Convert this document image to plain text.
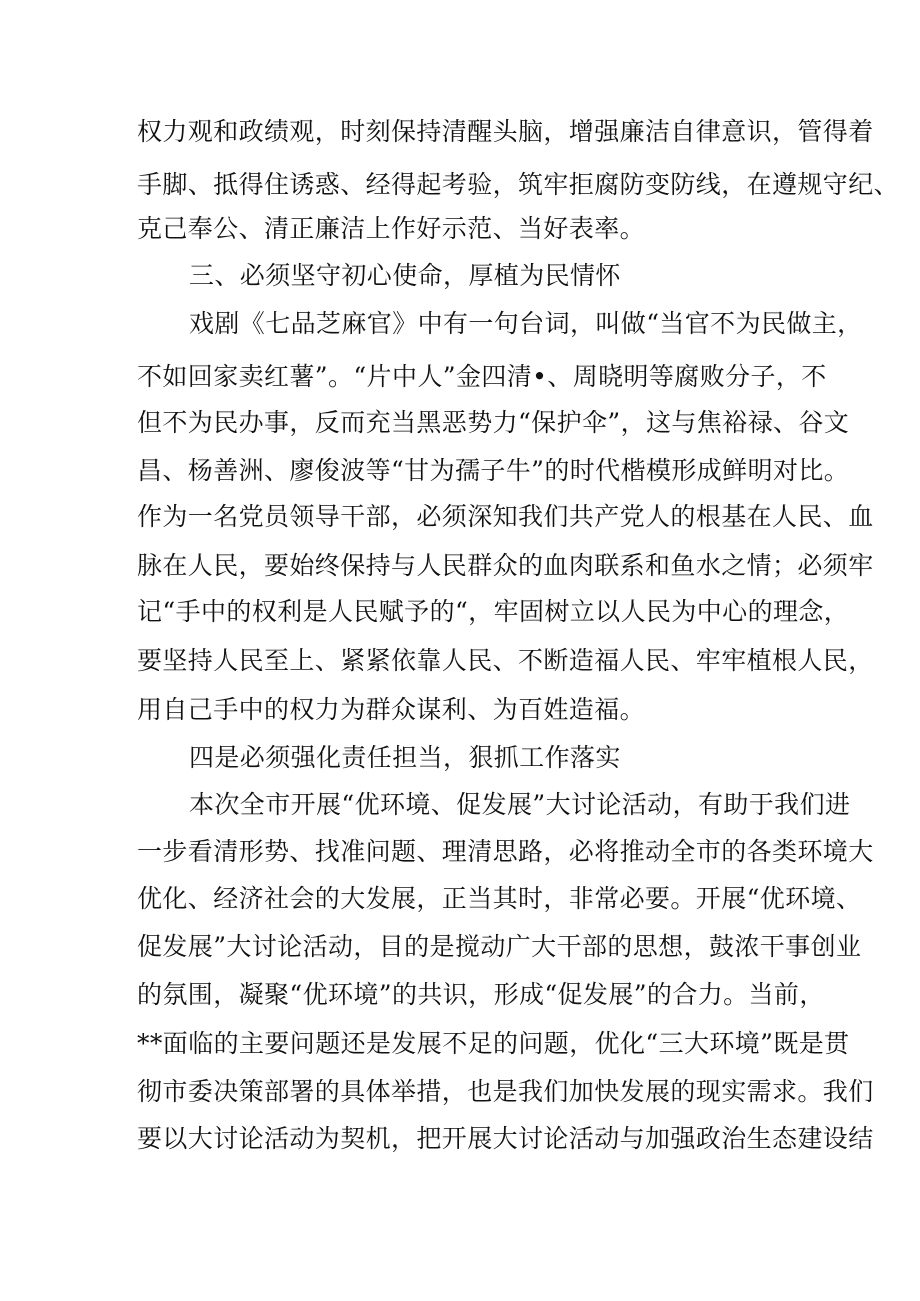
权力观和政绩观，时刻保持清醒头脑，增强廉洁自律意识，管得着
手脚、抵得住诱惑、经得起考验，筑牢拒腐防变防线，在遵规守纪、
克己奉公、清正廉洁上作好示范、当好表率。
三、必须坚守初心使命，厚植为民情怀
戏剧《七品芝麻官》中有一句台词，叫做“当官不为民做主，
不如回家卖红薯”。“片中人”金四清•、周晓明等腐败分子，不
但不为民办事，反而充当黑恶势力“保护伞”，这与焦裕禄、谷文
昌、杨善洲、廖俊波等“甘为孺子牛”的时代楷模形成鲜明对比。
作为一名党员领导干部，必须深知我们共产党人的根基在人民、血
脉在人民，要始终保持与人民群众的血肉联系和鱼水之情；必须牢
记“手中的权利是人民赋予的“，牢固树立以人民为中心的理念，
要坚持人民至上、紧紧依靠人民、不断造福人民、牢牢植根人民，
用自己手中的权力为群众谋利、为百姓造福。
四是必须强化责任担当，狠抓工作落实
本次全市开展“优环境、促发展”大讨论活动，有助于我们进
一步看清形势、找准问题、理清思路，必将推动全市的各类环境大
优化、经济社会的大发展，正当其时，非常必要。开展“优环境、
促发展”大讨论活动，目的是搅动广大干部的思想，鼓浓干事创业
的氛围，凝聚“优环境”的共识，形成“促发展”的合力。当前，
**面临的主要问题还是发展不足的问题，优化“三大环境”既是贯
彻市委决策部署的具体举措，也是我们加快发展的现实需求。我们
要以大讨论活动为契机，把开展大讨论活动与加强政治生态建设结
